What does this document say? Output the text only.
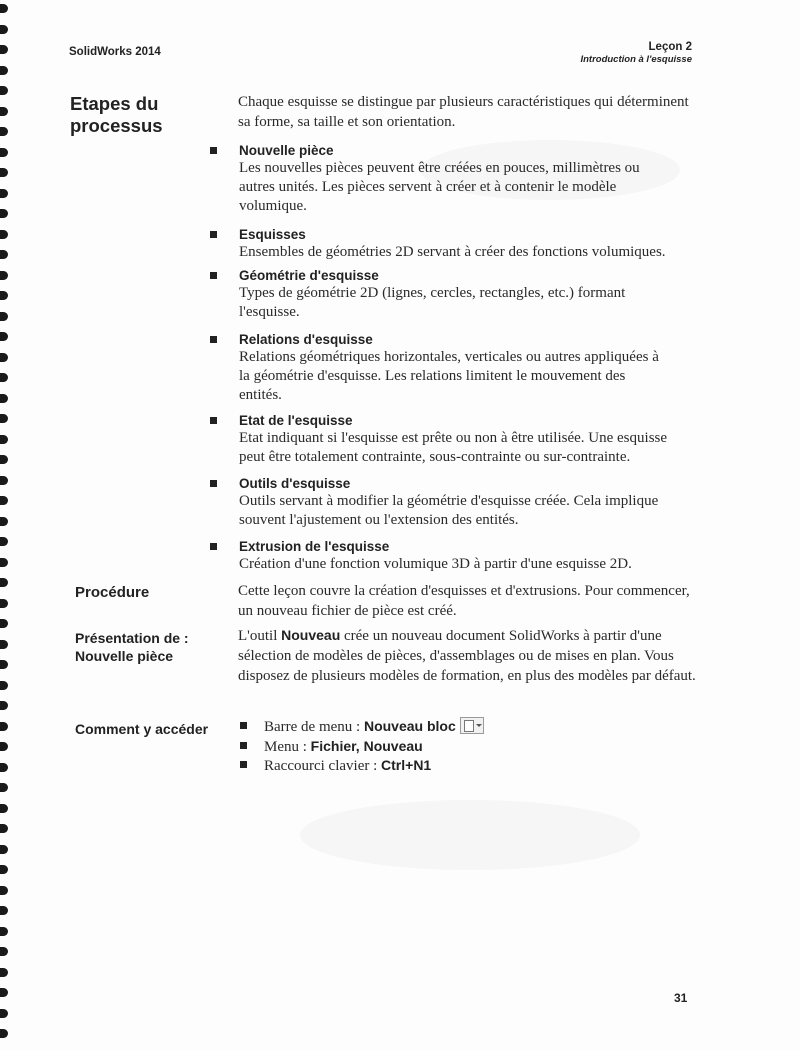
SolidWorks 2014	Leçon 2
Introduction à l'esquisse
Etapes du
processus
Chaque esquisse se distingue par plusieurs caractéristiques qui déterminent sa forme, sa taille et son orientation.
Nouvelle pièce
Les nouvelles pièces peuvent être créées en pouces, millimètres ou autres unités. Les pièces servent à créer et à contenir le modèle volumique.
Esquisses
Ensembles de géométries 2D servant à créer des fonctions volumiques.
Géométrie d'esquisse
Types de géométrie 2D (lignes, cercles, rectangles, etc.) formant l'esquisse.
Relations d'esquisse
Relations géométriques horizontales, verticales ou autres appliquées à la géométrie d'esquisse. Les relations limitent le mouvement des entités.
Etat de l'esquisse
Etat indiquant si l'esquisse est prête ou non à être utilisée. Une esquisse peut être totalement contrainte, sous-contrainte ou sur-contrainte.
Outils d'esquisse
Outils servant à modifier la géométrie d'esquisse créée. Cela implique souvent l'ajustement ou l'extension des entités.
Extrusion de l'esquisse
Création d'une fonction volumique 3D à partir d'une esquisse 2D.
Procédure	Cette leçon couvre la création d'esquisses et d'extrusions. Pour commencer, un nouveau fichier de pièce est créé.
Présentation de :
Nouvelle pièce
L'outil Nouveau crée un nouveau document SolidWorks à partir d'une sélection de modèles de pièces, d'assemblages ou de mises en plan. Vous disposez de plusieurs modèles de formation, en plus des modèles par défaut.
Comment y accéder	Barre de menu : Nouveau bloc
Menu : Fichier, Nouveau
Raccourci clavier : Ctrl+N1
31
